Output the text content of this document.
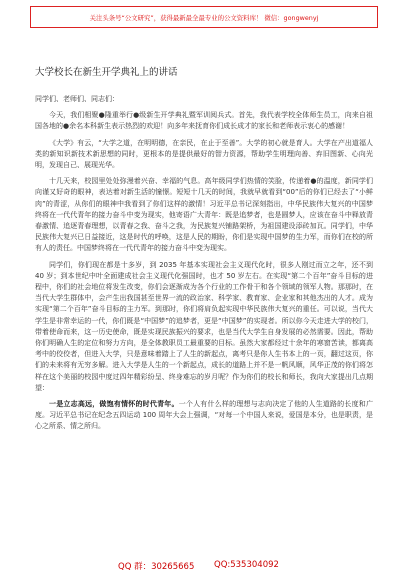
关注头条号“公文研究”，获得最新最全最专业的公文资料库！ 微信：gongwenyj
大学校长在新生开学典礼上的讲话

同学们、老师们、同志们：

今天，我们相聚●隆重举行●级新生开学典礼暨军训阅兵式。首先，我代表学校全体师生员工，向来自祖国各地的●余名本科新生表示热烈的欢迎！向多年来抚育你们成长成才的家长和老师表示衷心的感谢！

《大学》有云，“大学之道，在明明德，在亲民，在止于至善”。大学的初心就是育人。大学在产出道福人类的新知识新技术新思想的同时，更根本的是提供最好的智力资源，帮助学生明理向善、弃旧图新、心向光明，发现自己、展现光华。

十几天来，校园里处处弥漫着兴奋、幸福的气息。高年级同学们热情的笑脸，传递着●的温度，新同学们向谨又好奇的眼神，表达着对新生活的憧憬。短短十几天的时间，我就早就看到“00”后的你们已经去了“小鲜肉”的青涩，从你们的眼神中我看到了你们这样的激情！习近平总书记深刻指出，中华民族伟大复兴的中国梦终将在一代代青年的接力奋斗中变为现实，他寄语广大青年：既是追梦者，也是圆梦人，应该在奋斗中释放青春激情、追逐青春理想，以青春之我、奋斗之我，为民族复兴铺路架桥，为祖国建设添砖加瓦。同学们，中华民族伟大复兴已日益接近，这是时代的呼唤，这是人民的期盼，你们是实现中国梦的生力军，而你们在校的所有人的责任。中国梦终将在一代代青年的接力奋斗中变为现实。

同学们，你们现在都是十多岁，到 2035 年基本实现社会主义现代化时，很多人刚过而立之年，还不到 40 岁；到本世纪中叶全面建成社会主义现代化强国时，也才 50 岁左右。在实现“第二个百年”奋斗目标的进程中，你们的社会地位将发生改变，你们会逐渐成为各个行业的工作骨干和各个领域的领军人物。那那时，在当代大学生群体中，会产生出我国甚至世界一流的政治家、科学家、教育家、企业家和其他杰出的人才。成为实现“第二个百年”奋斗目标的主力军。到那时，你们将肩负起实现中华民族伟大复兴的重任。可以说，当代大学生是非常幸运的一代，你们既是“中国梦”的追梦者，更是“中国梦”的实现者。所以你今天走进大学的校门，带着使命而来，这一历史使命，既是实现民族振兴的要求，也是当代大学生自身发展的必然需要。因此，帮助你们明确人生的定位和努力方向，是全体教职员工最重要的目标。虽然大家都经过十余年的寒窗苦读，都离高考中的佼佼者，但进入大学，只是意味着踏上了人生的新起点，离考只是你人生书本上的一页，翻过这页，你们的未来将有无穷多解。进入大学是人生的一个新起点，成长的道路上并不是一帆风顺，风华正茂的你们将怎样在这个美丽的校园中度过四年精彩纷呈、终身难忘的岁月呢？作为你们的校长和师长，我向大家提出几点期望：

一是立志高远，做饱有情怀的时代青年。一个人有什么样的理想与志向决定了他的人生道路的长度和广度。习近平总书记在纪念五四运动 100 周年大会上强调，“对每一个中国人来说，爱国是本分，也是职责，是心之所系、情之所归。

QQ 群：30265665 QQ:535304092
